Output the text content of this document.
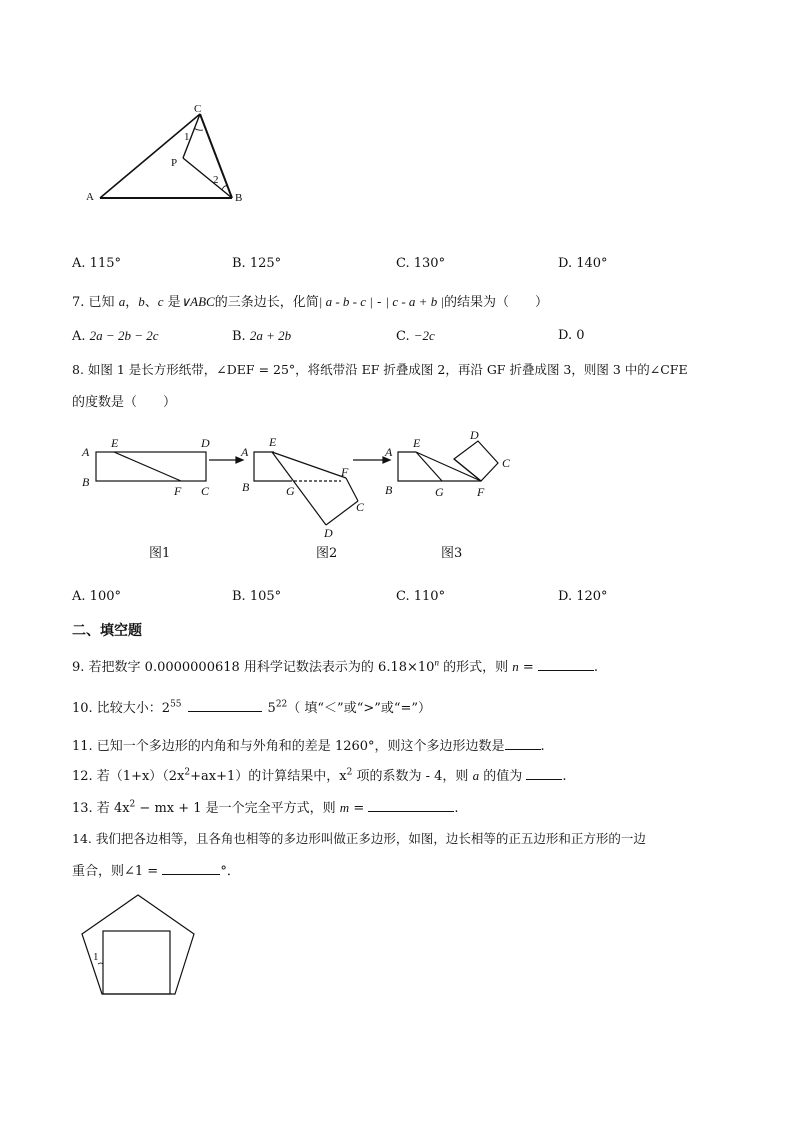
C
A	B
P
1
2
A. 115°	B. 125°	C. 130°	D. 140°
7. 已知 a，b、c 是∨ABC的三条边长，化简| a - b - c | - | c - a + b |的结果为（　　）
A. 2a − 2b − 2c	B. 2a + 2b	C. −2c	D. 0
8. 如图 1 是长方形纸带，∠DEF = 25°，将纸带沿 EF 折叠成图 2，再沿 GF 折叠成图 3，则图 3 中的∠CFE
的度数是（　　）
A
B
E	D
F C
A
B
E
G
F
C
D
A
B
E
G	F
D
C
图1	图2	图3
A. 100°	B. 105°	C. 110°	D. 120°
二、填空题
9. 若把数字 0.0000000618 用科学记数法表示为的 $6.18\times 10^n$ 的形式，则 n =	.
10. 比较大小：$2^{55}$	$5^{22}$（ 填“＜”或“>”或“=”）
11. 已知一个多边形的内角和与外角和的差是 1260°，则这个多边形边数是	.
12. 若$(1+x)(2x^2+ax+1)$的计算结果中，$x^2$ 项的系数为 - 4，则 a 的值为	.
13. 若 $4x^2$ − mx + 1 是一个完全平方式，则 m =	.
14. 我们把各边相等，且各角也相等的多边形叫做正多边形，如图，边长相等的正五边形和正方形的一边
重合，则∠1 =	°．
1
